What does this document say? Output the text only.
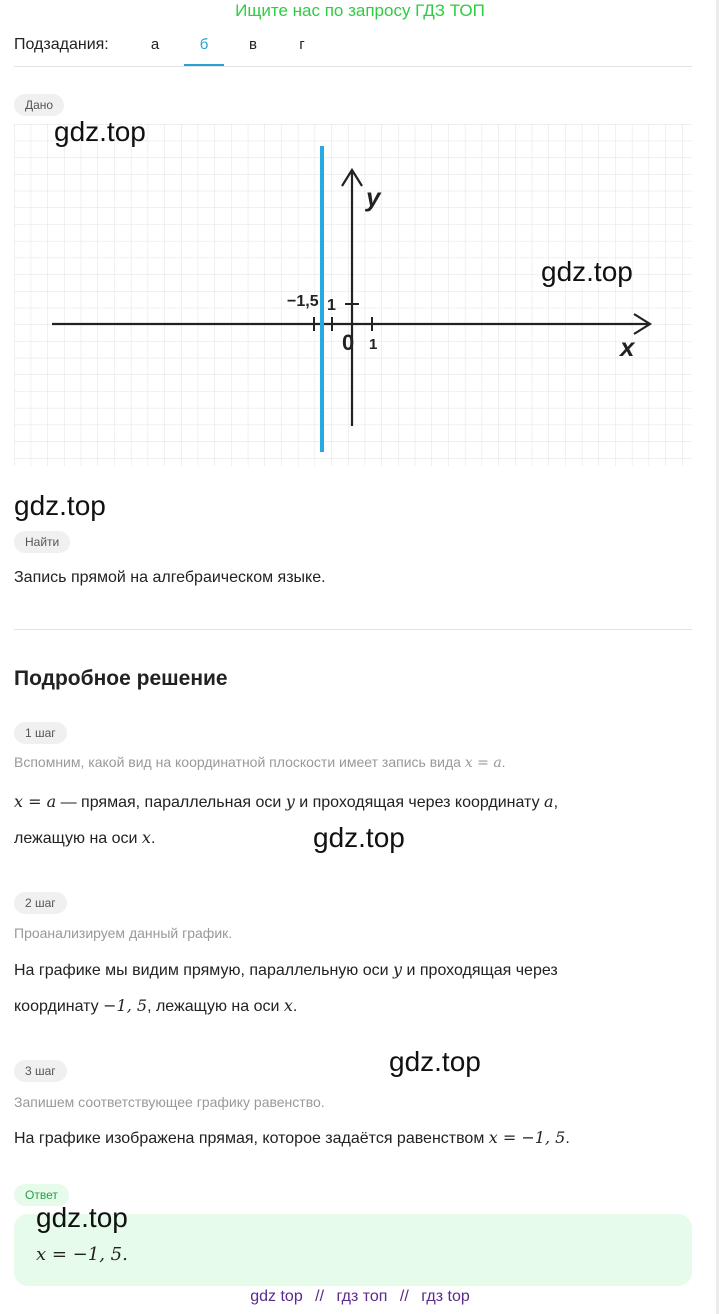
Ищите нас по запросу ГДЗ ТОП
Подзадания:	а	б	в	г
Дано
y
x
0 1
1
−1,5
gdz.top
gdz.top
gdz.top
Найти
Запись прямой на алгебраическом языке.
Подробное решение
1 шаг
Вспомним, какой вид на координатной плоскости имеет запись вида x = a.
x = a — прямая, параллельная оси y и проходящая через координату a,
лежащую на оси x.	gdz.top
2 шаг
Проанализируем данный график.
На графике мы видим прямую, параллельную оси y и проходящая через
координату −1, 5, лежащую на оси x.
gdz.top
3 шаг
Запишем соответствующее графику равенство.
На графике изображена прямая, которое задаётся равенством x = −1, 5.
Ответ
gdz.top
x = −1, 5.
gdz top // гдз топ // гдз top
